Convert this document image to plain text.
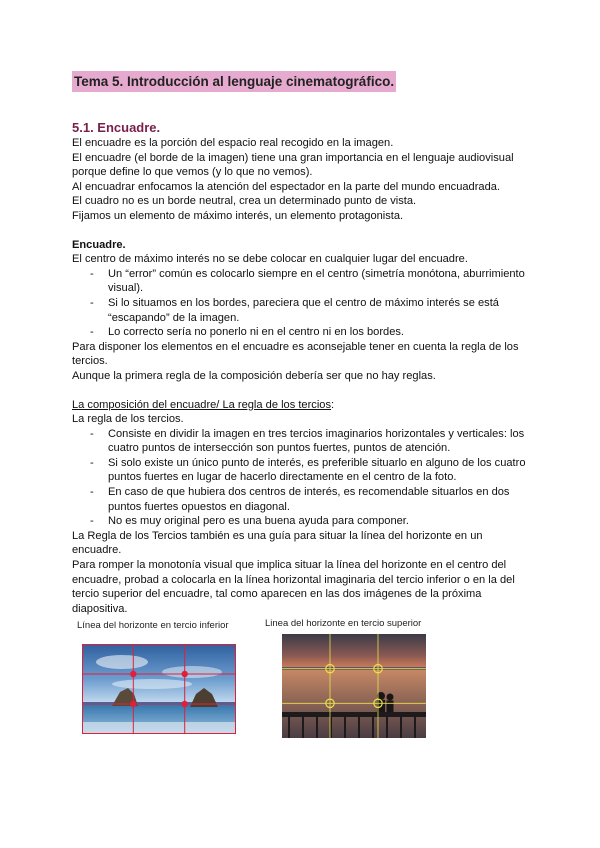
Tema 5. Introducción al lenguaje cinematográfico.

5.1. Encuadre.

El encuadre es la porción del espacio real recogido en la imagen.

El encuadre (el borde de la imagen) tiene una gran importancia en el lenguaje audiovisual porque define lo que vemos (y lo que no vemos).

Al encuadrar enfocamos la atención del espectador en la parte del mundo encuadrada.

El cuadro no es un borde neutral, crea un determinado punto de vista.

Fijamos un elemento de máximo interés, un elemento protagonista.

Encuadre.

El centro de máximo interés no se debe colocar en cualquier lugar del encuadre.

- Un “error” común es colocarlo siempre en el centro (simetría monótona, aburrimiento visual).
- Si lo situamos en los bordes, pareciera que el centro de máximo interés se está “escapando” de la imagen.
- Lo correcto sería no ponerlo ni en el centro ni en los bordes.

Para disponer los elementos en el encuadre es aconsejable tener en cuenta la regla de los tercios.

Aunque la primera regla de la composición debería ser que no hay reglas.

La composición del encuadre/ La regla de los tercios:

La regla de los tercios.

- Consiste en dividir la imagen en tres tercios imaginarios horizontales y verticales: los cuatro puntos de intersección son puntos fuertes, puntos de atención.
- Si solo existe un único punto de interés, es preferible situarlo en alguno de los cuatro puntos fuertes en lugar de hacerlo directamente en el centro de la foto.
- En caso de que hubiera dos centros de interés, es recomendable situarlos en dos puntos fuertes opuestos en diagonal.
- No es muy original pero es una buena ayuda para componer.

La Regla de los Tercios también es una guía para situar la línea del horizonte en un encuadre.

Para romper la monotonía visual que implica situar la línea del horizonte en el centro del encuadre, probad a colocarla en la línea horizontal imaginaria del tercio inferior o en la del tercio superior del encuadre, tal como aparecen en las dos imágenes de la próxima diapositiva.

Línea del horizonte en tercio inferior	Linea del horizonte en tercio superior
